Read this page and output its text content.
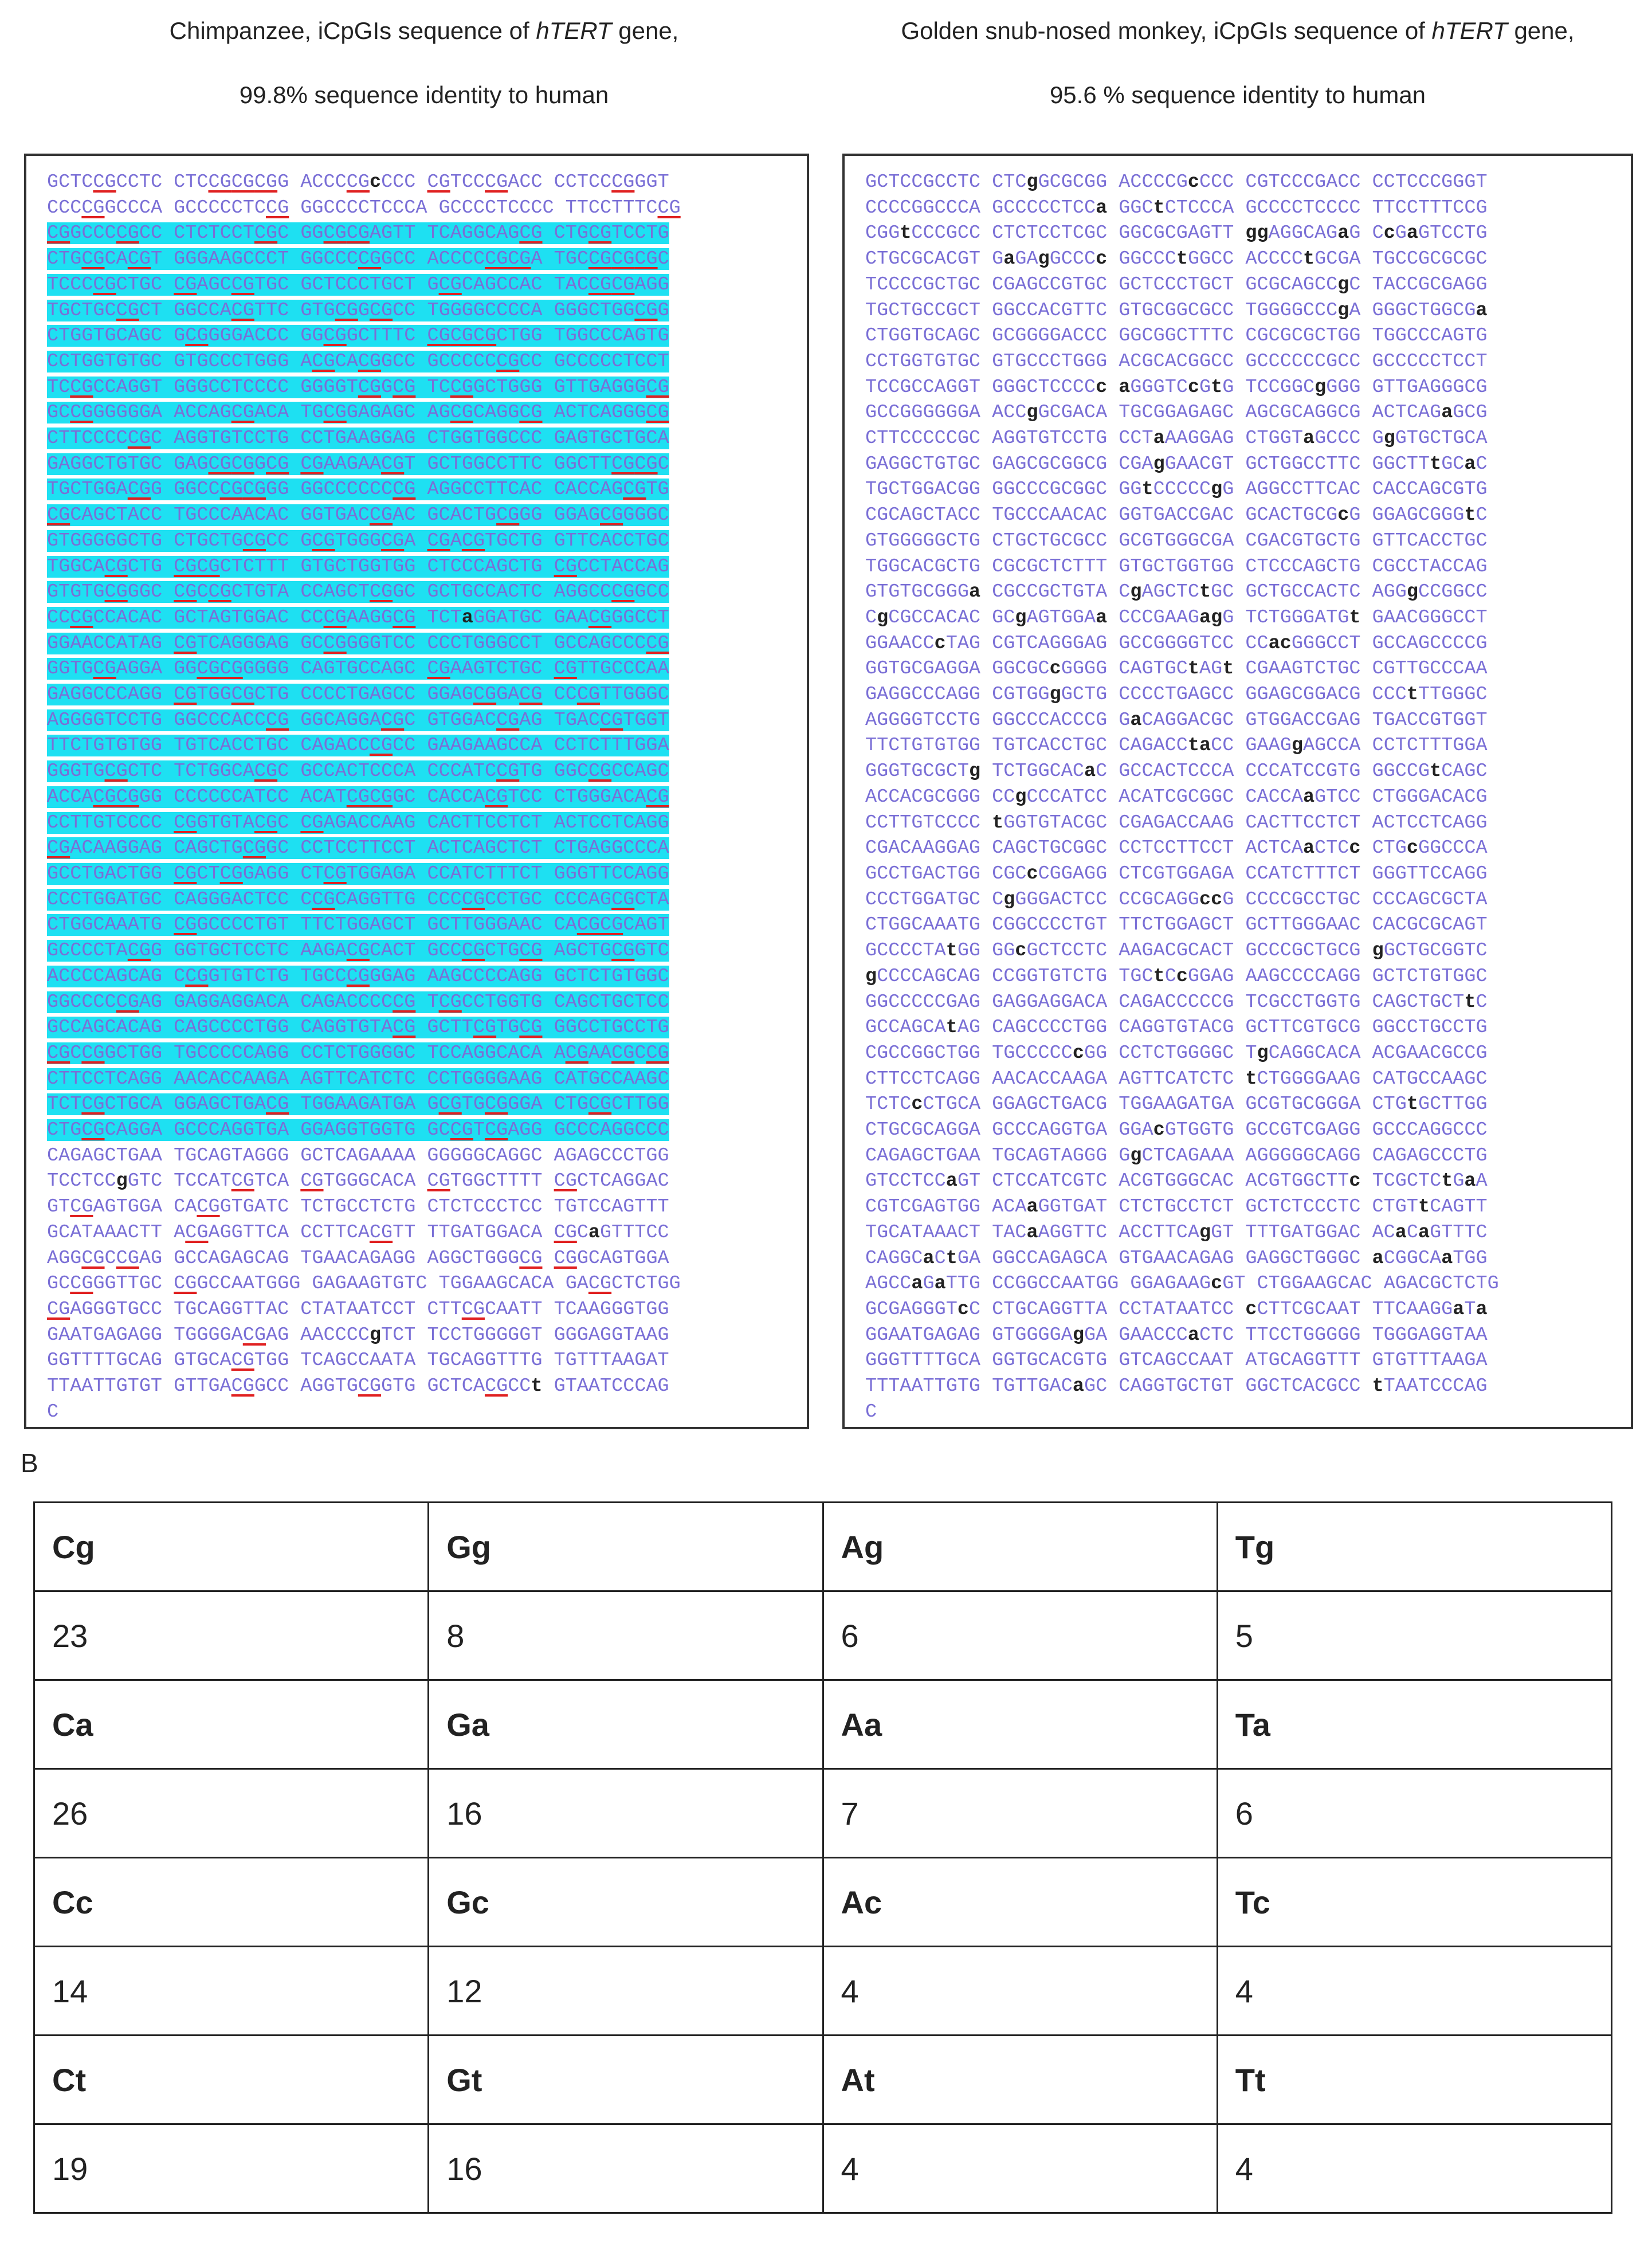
Chimpanzee, iCpGIs sequence of hTERT gene,
99.8% sequence identity to human
Golden snub-nosed monkey, iCpGIs sequence of hTERT gene,
95.6 % sequence identity to human
GCTCCGCCTC CTCCGCGCGG ACCCCGcCCC CGTCCCGACC CCTCCCGGGT
CCCCGGCCCA GCCCCCTCCG GGCCCCTCCCA GCCCCTCCCC TTCCTTTCCG
CGGCCCCGCC CTCTCCTCGC GGCGCGAGTT TCAGGCAGCG CTGCGTCCTG
CTGCGCACGT GGGAAGCCCT GGCCCCGGCC ACCCCCGCGA TGCCGCGCGC
TCCCCGCTGC CGAGCCGTGC GCTCCCTGCT GCGCAGCCAC TACCGCGAGG
TGCTGCCGCT GGCCACGTTC GTGCGGCGCC TGGGGCCCCA GGGCTGGCGG
CTGGTGCAGC GCGGGGACCC GGCGGCTTTC CGCGCGCTGG TGGCCCAGTG
CCTGGTGTGC GTGCCCTGGG ACGCACGGCC GCCCCCCGCC GCCCCCTCCT
TCCGCCAGGT GGGCCTCCCC GGGGTCGGCG TCCGGCTGGG GTTGAGGGCG
GCCGGGGGGA ACCAGCGACA TGCGGAGAGC AGCGCAGGCG ACTCAGGGCG
CTTCCCCCGC AGGTGTCCTG CCTGAAGGAG CTGGTGGCCC GAGTGCTGCA
GAGGCTGTGC GAGCGCGGCG CGAAGAACGT GCTGGCCTTC GGCTTCGCGC
TGCTGGACGG GGCCCGCGGG GGCCCCCCCG AGGCCTTCAC CACCAGCGTG
CGCAGCTACC TGCCCAACAC GGTGACCGAC GCACTGCGGG GGAGCGGGGC
GTGGGGGCTG CTGCTGCGCC GCGTGGGCGA CGACGTGCTG GTTCACCTGC
TGGCACGCTG CGCGCTCTTT GTGCTGGTGG CTCCCAGCTG CGCCTACCAG
GTGTGCGGGC CGCCGCTGTA CCAGCTCGGC GCTGCCACTC AGGCCCGGCC
CCCGCCACAC GCTAGTGGAC CCCGAAGGCG TCTaGGATGC GAACGGGCCT
GGAACCATAG CGTCAGGGAG GCCGGGGTCC CCCTGGGCCT GCCAGCCCCG
GGTGCGAGGA GGCGCGGGGG CAGTGCCAGC CGAAGTCTGC CGTTGCCCAA
GAGGCCCAGG CGTGGCGCTG CCCCTGAGCC GGAGCGGACG CCCGTTGGGC
AGGGGTCCTG GGCCCACCCG GGCAGGACGC GTGGACCGAG TGACCGTGGT
TTCTGTGTGG TGTCACCTGC CAGACCCGCC GAAGAAGCCA CCTCTTTGGA
GGGTGCGCTC TCTGGCACGC GCCACTCCCA CCCATCCGTG GGCCGCCAGC
ACCACGCGGG CCCCCCATCC ACATCGCGGC CACCACGTCC CTGGGACACG
CCTTGTCCCC CGGTGTACGC CGAGACCAAG CACTTCCTCT ACTCCTCAGG
CGACAAGGAG CAGCTGCGGC CCTCCTTCCT ACTCAGCTCT CTGAGGCCCA
GCCTGACTGG CGCTCGGAGG CTCGTGGAGA CCATCTTTCT GGGTTCCAGG
CCCTGGATGC CAGGGACTCC CCGCAGGTTG CCCCGCCTGC CCCAGCGCTA
CTGGCAAATG CGGCCCCTGT TTCTGGAGCT GCTTGGGAAC CACGCGCAGT
GCCCCTACGG GGTGCTCCTC AAGACGCACT GCCCGCTGCG AGCTGCGGTC
ACCCCAGCAG CCGGTGTCTG TGCCCGGGAG AAGCCCCAGG GCTCTGTGGC
GGCCCCCGAG GAGGAGGACA CAGACCCCCG TCGCCTGGTG CAGCTGCTCC
GCCAGCACAG CAGCCCCTGG CAGGTGTACG GCTTCGTGCG GGCCTGCCTG
CGCCGGCTGG TGCCCCCAGG CCTCTGGGGC TCCAGGCACA ACGAACGCCG
CTTCCTCAGG AACACCAAGA AGTTCATCTC CCTGGGGAAG CATGCCAAGC
TCTCGCTGCA GGAGCTGACG TGGAAGATGA GCGTGCGGGA CTGCGCTTGG
CTGCGCAGGA GCCCAGGTGA GGAGGTGGTG GCCGTCGAGG GCCCAGGCCC
CAGAGCTGAA TGCAGTAGGG GCTCAGAAAA GGGGGCAGGC AGAGCCCTGG
TCCTCCgGTC TCCATCGTCA CGTGGGCACA CGTGGCTTTT CGCTCAGGAC
GTCGAGTGGA CACGGTGATC TCTGCCTCTG CTCTCCCTCC TGTCCAGTTT
GCATAAACTT ACGAGGTTCA CCTTCACGTT TTGATGGACA CGCaGTTTCC
AGGCGCCGAG GCCAGAGCAG TGAACAGAGG AGGCTGGGCG CGGCAGTGGA
GCCGGGTTGC CGGCCAATGGG GAGAAGTGTC TGGAAGCACA GACGCTCTGG
CGAGGGTGCC TGCAGGTTAC CTATAATCCT CTTCGCAATT TCAAGGGTGG
GAATGAGAGG TGGGGACGAG AACCCCgTCT TCCTGGGGGT GGGAGGTAAG
GGTTTTGCAG GTGCACGTGG TCAGCCAATA TGCAGGTTTG TGTTTAAGAT
TTAATTGTGT GTTGACGGCC AGGTGCGGTG GCTCACGCCt GTAATCCCAG
C
GCTCCGCCTC CTCgGCGCGG ACCCCGcCCC CGTCCCGACC CCTCCCGGGT
CCCCGGCCCA GCCCCCTCCa GGCtCTCCCA GCCCCTCCCC TTCCTTTCCG
CGGtCCCGCC CTCTCCTCGC GGCGCGAGTT ggAGGCAGaG CcGaGTCCTG
CTGCGCACGT GaGAgGCCCc GGCCCtGGCC ACCCCtGCGA TGCCGCGCGC
TCCCCGCTGC CGAGCCGTGC GCTCCCTGCT GCGCAGCCgC TACCGCGAGG
TGCTGCCGCT GGCCACGTTC GTGCGGCGCC TGGGGCCCgA GGGCTGGCGa
CTGGTGCAGC GCGGGGACCC GGCGGCTTTC CGCGCGCTGG TGGCCCAGTG
CCTGGTGTGC GTGCCCTGGG ACGCACGGCC GCCCCCCGCC GCCCCCTCCT
TCCGCCAGGT GGGCTCCCCc aGGGTCcGtG TCCGGCgGGG GTTGAGGGCG
GCCGGGGGGA ACCgGCGACA TGCGGAGAGC AGCGCAGGCG ACTCAGaGCG
CTTCCCCCGC AGGTGTCCTG CCTaAAGGAG CTGGTaGCCC GgGTGCTGCA
GAGGCTGTGC GAGCGCGGCG CGAgGAACGT GCTGGCCTTC GGCTTtGCaC
TGCTGGACGG GGCCCGCGGC GGtCCCCCgG AGGCCTTCAC CACCAGCGTG
CGCAGCTACC TGCCCAACAC GGTGACCGAC GCACTGCGcG GGAGCGGGtC
GTGGGGGCTG CTGCTGCGCC GCGTGGGCGA CGACGTGCTG GTTCACCTGC
TGGCACGCTG CGCGCTCTTT GTGCTGGTGG CTCCCAGCTG CGCCTACCAG
GTGTGCGGGa CGCCGCTGTA CgAGCTCtGC GCTGCCACTC AGGgCCGGCC
CgCGCCACAC GCgAGTGGAa CCCGAAGagG TCTGGGATGt GAACGGGCCT
GGAACCcTAG CGTCAGGGAG GCCGGGGTCC CCacGGGCCT GCCAGCCCCG
GGTGCGAGGA GGCGCcGGGG CAGTGCtAGt CGAAGTCTGC CGTTGCCCAA
GAGGCCCAGG CGTGGgGCTG CCCCTGAGCC GGAGCGGACG CCCtTTGGGC
AGGGGTCCTG GGCCCACCCG GaCAGGACGC GTGGACCGAG TGACCGTGGT
TTCTGTGTGG TGTCACCTGC CAGACCtaCC GAAGgAGCCA CCTCTTTGGA
GGGTGCGCTg TCTGGCACaC GCCACTCCCA CCCATCCGTG GGCCGtCAGC
ACCACGCGGG CCgCCCATCC ACATCGCGGC CACCAaGTCC CTGGGACACG
CCTTGTCCCC tGGTGTACGC CGAGACCAAG CACTTCCTCT ACTCCTCAGG
CGACAAGGAG CAGCTGCGGC CCTCCTTCCT ACTCAaCTCc CTGcGGCCCA
GCCTGACTGG CGCcCGGAGG CTCGTGGAGA CCATCTTTCT GGGTTCCAGG
CCCTGGATGC CgGGGACTCC CCGCAGGccG CCCCGCCTGC CCCAGCGCTA
CTGGCAAATG CGGCCCCTGT TTCTGGAGCT GCTTGGGAAC CACGCGCAGT
GCCCCTAtGG GGcGCTCCTC AAGACGCACT GCCCGCTGCG gGCTGCGGTC
gCCCCAGCAG CCGGTGTCTG TGCtCcGGAG AAGCCCCAGG GCTCTGTGGC
GGCCCCCGAG GAGGAGGACA CAGACCCCCG TCGCCTGGTG CAGCTGCTtC
GCCAGCAtAG CAGCCCCTGG CAGGTGTACG GCTTCGTGCG GGCCTGCCTG
CGCCGGCTGG TGCCCCCcGG CCTCTGGGGC TgCAGGCACA ACGAACGCCG
CTTCCTCAGG AACACCAAGA AGTTCATCTC tCTGGGGAAG CATGCCAAGC
TCTCcCTGCA GGAGCTGACG TGGAAGATGA GCGTGCGGGA CTGtGCTTGG
CTGCGCAGGA GCCCAGGTGA GGAcGTGGTG GCCGTCGAGG GCCCAGGCCC
CAGAGCTGAA TGCAGTAGGG GgCTCAGAAA AGGGGGCAGG CAGAGCCCTG
GTCCTCCaGT CTCCATCGTC ACGTGGGCAC ACGTGGCTTc TCGCTCtGaA
CGTCGAGTGG ACAaGGTGAT CTCTGCCTCT GCTCTCCCTC CTGTtCAGTT
TGCATAAACT TACaAGGTTC ACCTTCAgGT TTTGATGGAC ACaCaGTTTC
CAGGCaCtGA GGCCAGAGCA GTGAACAGAG GAGGCTGGGC aCGGCAaTGG
AGCCaGaTTG CCGGCCAATGG GGAGAAGcGT CTGGAAGCAC AGACGCTCTG
GCGAGGGTcC CTGCAGGTTA CCTATAATCC cCTTCGCAAT TTCAAGGaTa
GGAATGAGAG GTGGGGAgGA GAACCCaCTC TTCCTGGGGG TGGGAGGTAA
GGGTTTTGCA GGTGCACGTG GTCAGCCAAT ATGCAGGTTT GTGTTTAAGA
TTTAATTGTG TGTTGACaGC CAGGTGCTGT GGCTCACGCC tTAATCCCAG
C
B
Cg	Gg	Ag	Tg
23	8	6	5
Ca	Ga	Aa	Ta
26	16	7	6
Cc	Gc	Ac	Tc
14	12	4	4
Ct	Gt	At	Tt
19	16	4	4
